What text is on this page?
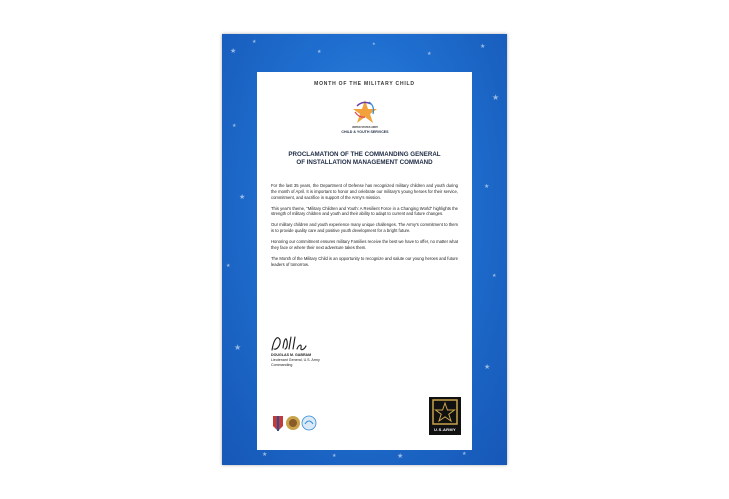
★
★
★
★
★
★
★
★
★
★
★
★	★	★	★
★
★	★
MONTH OF THE MILITARY CHILD
UNITED STATES ARMY
CHILD & YOUTH SERVICES
PROCLAMATION OF THE COMMANDING GENERAL
OF INSTALLATION MANAGEMENT COMMAND

For the last 35 years, the Department of Defense has recognized military children and youth during the month of April. It is important to honor and celebrate our military's young heroes for their service, commitment, and sacrifice in support of the Army's mission.

This year's theme, "Military Children and Youth: A Resilient Force in a Changing World" highlights the strength of military children and youth and their ability to adapt to current and future changes.

Our military children and youth experience many unique challenges. The Army's commitment to them is to provide quality care and positive youth development for a bright future.

Honoring our commitment ensures military Families receive the best we have to offer, no matter what they face or where their next adventure takes them.

The Month of the Military Child is an opportunity to recognize and salute our young heroes and future leaders of tomorrow.

DOUGLAS M. GABRAM
Lieutenant General, U.S. Army
Commanding
U.S.ARMY
